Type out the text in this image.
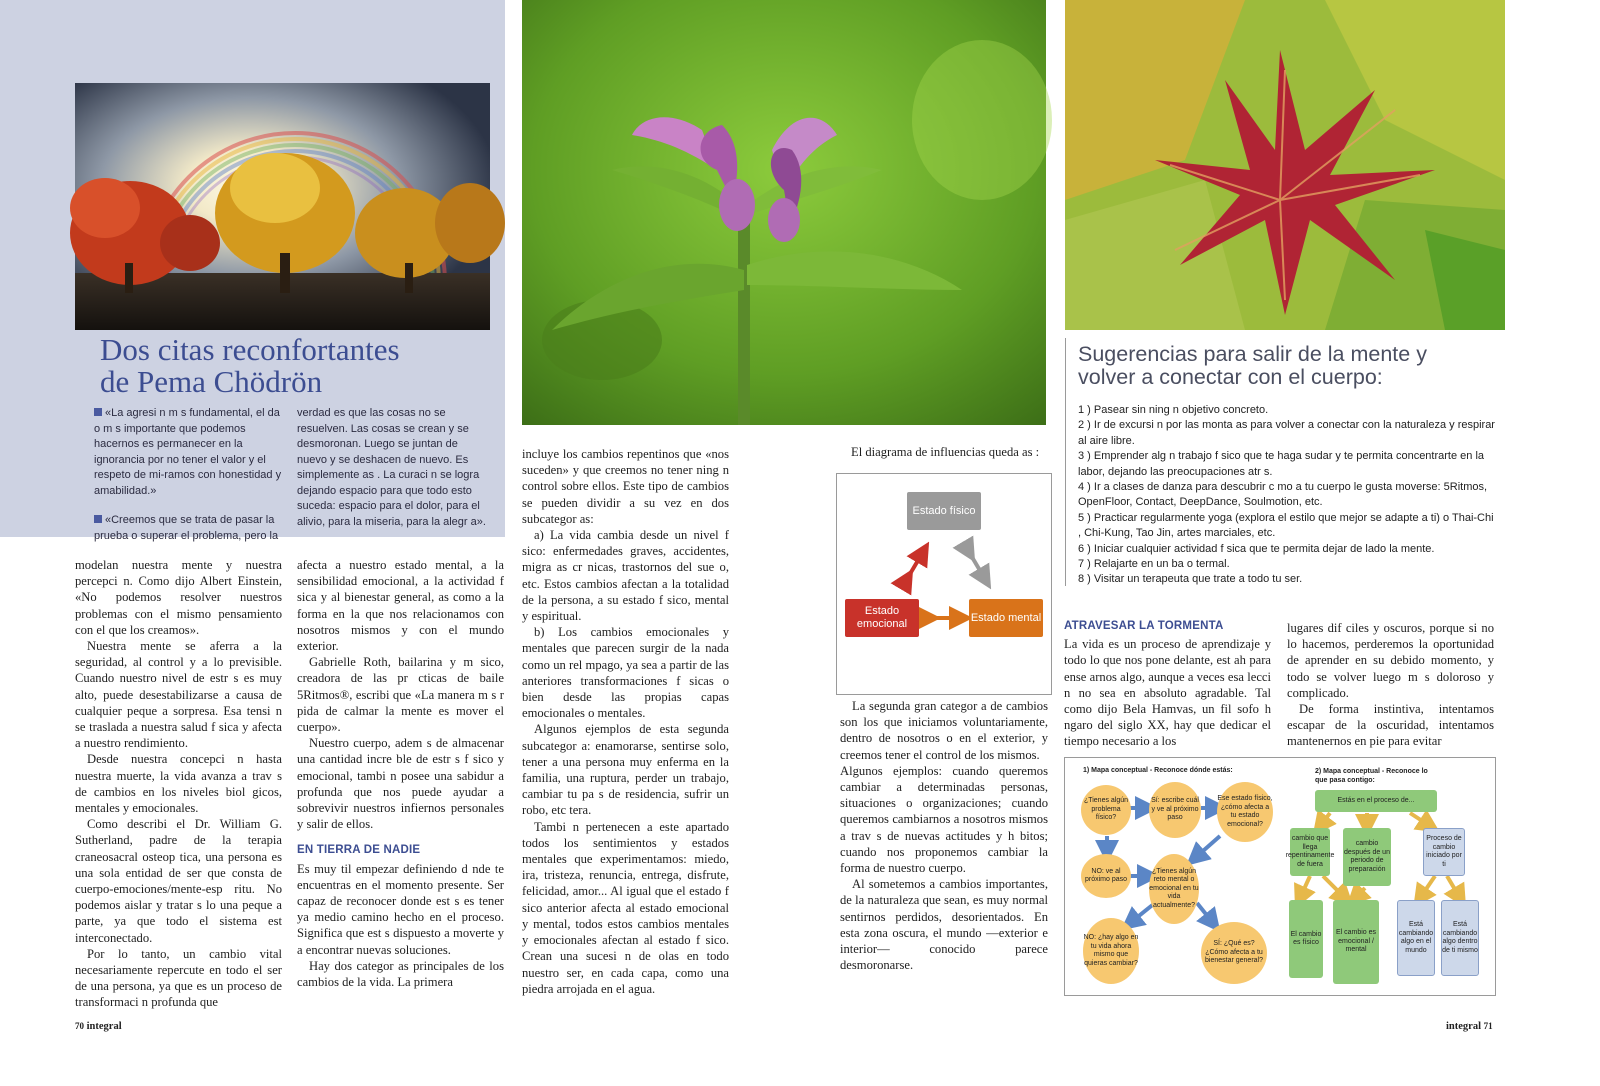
Dos citas reconfortantes
de Pema Chödrön

«La agresi n m s fundamental, el da o m s importante que podemos hacernos es permanecer en la ignorancia por no tener el valor y el respeto de mi-ramos con honestidad y amabilidad.»

«Creemos que se trata de pasar la prueba o superar el problema, pero la

verdad es que las cosas no se resuelven. Las cosas se crean y se desmoronan. Luego se juntan de nuevo y se deshacen de nuevo. Es simplemente as . La curaci n se logra dejando espacio para que todo esto suceda: espacio para el dolor, para el alivio, para la miseria, para la alegr a».

modelan nuestra mente y nuestra percepci n. Como dijo Albert Einstein, «No podemos resolver nuestros problemas con el mismo pensamiento con el que los creamos».

Nuestra mente se aferra a la seguridad, al control y a lo previsible. Cuando nuestro nivel de estr s es muy alto, puede desestabilizarse a causa de cualquier peque a sorpresa. Esa tensi n se traslada a nuestra salud f sica y afecta a nuestro rendimiento.

Desde nuestra concepci n hasta nuestra muerte, la vida avanza a trav s de cambios en los niveles biol gicos, mentales y emocionales.

Como describi el Dr. William G. Sutherland, padre de la terapia craneosacral osteop tica, una persona es una sola entidad de ser que consta de cuerpo-emociones/mente-esp ritu. No podemos aislar y tratar s lo una peque a parte, ya que todo el sistema est interconectado.

Por lo tanto, un cambio vital necesariamente repercute en todo el ser de una persona, ya que es un proceso de transformaci n profunda que

afecta a nuestro estado mental, a la sensibilidad emocional, a la actividad f sica y al bienestar general, as como a la forma en la que nos relacionamos con nosotros mismos y con el mundo exterior.

Gabrielle Roth, bailarina y m sico, creadora de las pr cticas de baile 5Ritmos®, escribi que «La manera m s r pida de calmar la mente es mover el cuerpo».

Nuestro cuerpo, adem s de almacenar una cantidad incre ble de estr s f sico y emocional, tambi n posee una sabidur a profunda que nos puede ayudar a sobrevivir nuestros infiernos personales y salir de ellos.

EN TIERRA DE NADIE

Es muy til empezar definiendo d nde te encuentras en el momento presente. Ser capaz de reconocer donde est s es tener ya medio camino hecho en el proceso. Significa que est s dispuesto a moverte y a encontrar nuevas soluciones.

Hay dos categor as principales de los cambios de la vida. La primera

incluye los cambios repentinos que «nos suceden» y que creemos no tener ning n control sobre ellos. Este tipo de cambios se pueden dividir a su vez en dos subcategor as:

a) La vida cambia desde un nivel f sico: enfermedades graves, accidentes, migra as cr nicas, trastornos del sue o, etc. Estos cambios afectan a la totalidad de la persona, a su estado f sico, mental y espiritual.

b) Los cambios emocionales y mentales que parecen surgir de la nada como un rel mpago, ya sea a partir de las anteriores transformaciones f sicas o bien desde las propias capas emocionales o mentales.

Algunos ejemplos de esta segunda subcategor a: enamorarse, sentirse solo, tener a una persona muy enferma en la familia, una ruptura, perder un trabajo, cambiar tu pa s de residencia, sufrir un robo, etc tera.

Tambi n pertenecen a este apartado todos los sentimientos y estados mentales que experimentamos: miedo, ira, tristeza, renuncia, entrega, disfrute, felicidad, amor... Al igual que el estado f sico anterior afecta al estado emocional y mental, todos estos cambios mentales y emocionales afectan al estado f sico. Crean una sucesi n de olas en todo nuestro ser, en cada capa, como una piedra arrojada en el agua.

70 integral
Sugerencias para salir de la mente y
volver a conectar con el cuerpo:
1 ) Pasear sin ning n objetivo concreto.
2 ) Ir de excursi n por las monta as para volver a conectar con la naturaleza y respirar al aire libre.
3 ) Emprender alg n trabajo f sico que te haga sudar y te permita concentrarte en la labor, dejando las preocupaciones atr s.
4 ) Ir a clases de danza para descubrir c mo a tu cuerpo le gusta moverse: 5Ritmos, OpenFloor, Contact, DeepDance, Soulmotion, etc.
5 ) Practicar regularmente yoga (explora el estilo que mejor se adapte a ti) o Thai-Chi , Chi-Kung, Tao Jin, artes marciales, etc.
6 ) Iniciar cualquier actividad f sica que te permita dejar de lado la mente.
7 ) Relajarte en un ba o termal.
8 ) Visitar un terapeuta que trate a todo tu ser.
El diagrama de influencias queda as :
Estado físico
Estado emocional
Estado mental

La segunda gran categor a de cambios son los que iniciamos voluntariamente, dentro de nosotros o en el exterior, y creemos tener el control de los mismos.

Algunos ejemplos: cuando queremos cambiar a determinadas personas, situaciones o organizaciones; cuando queremos cambiarnos a nosotros mismos a trav s de nuevas actitudes y h bitos; cuando nos proponemos cambiar la forma de nuestro cuerpo.

Al sometemos a cambios importantes, de la naturaleza que sean, es muy normal sentirnos perdidos, desorientados. En esta zona oscura, el mundo —exterior e interior— conocido parece desmoronarse.

ATRAVESAR LA TORMENTA

La vida es un proceso de aprendizaje y todo lo que nos pone delante, est ah para ense arnos algo, aunque a veces esa lecci n no sea en absoluto agradable. Tal como dijo Bela Hamvas, un fil sofo h ngaro del siglo XX, hay que dedicar el tiempo necesario a los

lugares dif ciles y oscuros, porque si no lo hacemos, perderemos la oportunidad de aprender en su debido momento, y todo se volver luego m s doloroso y complicado.

De forma instintiva, intentamos escapar de la oscuridad, intentamos mantenernos en pie para evitar

1) Mapa conceptual - Reconoce dónde estás:	2) Mapa conceptual - Reconoce lo que pasa contigo:
¿Tienes algún problema físico?
Sí: escribe cuál y ve al próximo paso
Ese estado físico, ¿cómo afecta a tu estado emocional?
NO: ve al próximo paso
¿Tienes algún reto mental o emocional en tu vida actualmente?
NO: ¿hay algo en tu vida ahora mismo que quieras cambiar?
SÍ: ¿Qué es? ¿Cómo afecta a tu bienestar general?
Estás en el proceso de...
cambio que llega repentinamente de fuera
cambio después de un periodo de preparación
Proceso de cambio iniciado por ti
El cambio es físico
El cambio es emocional / mental
Está cambiando algo en el mundo
Está cambiando algo dentro de ti mismo
integral 71
